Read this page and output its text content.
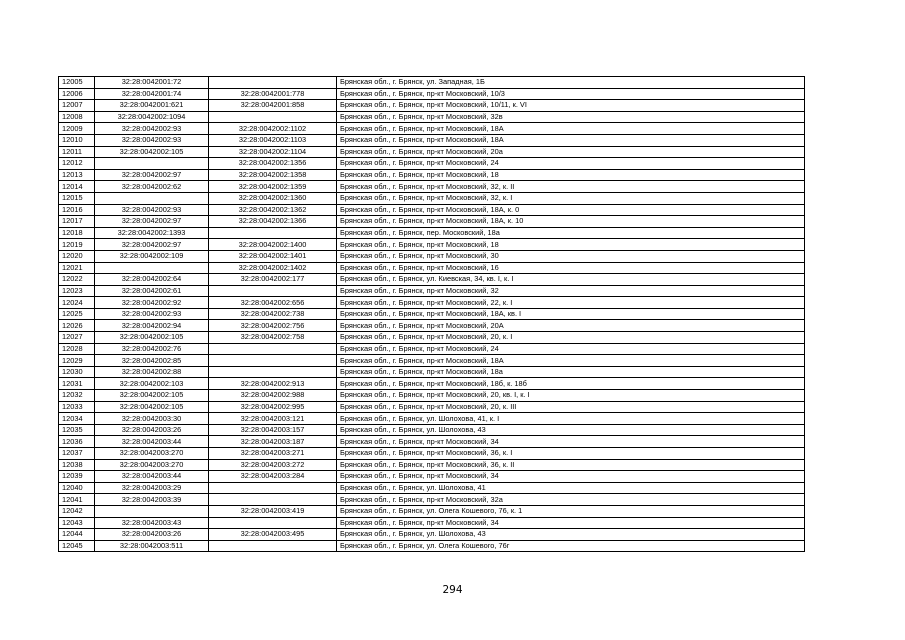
12005	32:28:0042001:72		Брянская обл., г. Брянск, ул. Западная, 1Б
12006	32:28:0042001:74	32:28:0042001:778	Брянская обл., г. Брянск, пр-кт Московский, 10/3
12007	32:28:0042001:621	32:28:0042001:858	Брянская обл., г. Брянск, пр-кт Московский, 10/11, к. VI
12008	32:28:0042002:1094		Брянская обл., г. Брянск, пр-кт Московский, 32в
12009	32:28:0042002:93	32:28:0042002:1102	Брянская обл., г. Брянск, пр-кт Московский, 18А
12010	32:28:0042002:93	32:28:0042002:1103	Брянская обл., г. Брянск, пр-кт Московский, 18А
12011	32:28:0042002:105	32:28:0042002:1104	Брянская обл., г. Брянск, пр-кт Московский, 20а
12012		32:28:0042002:1356	Брянская обл., г. Брянск, пр-кт Московский, 24
12013	32:28:0042002:97	32:28:0042002:1358	Брянская обл., г. Брянск, пр-кт Московский, 18
12014	32:28:0042002:62	32:28:0042002:1359	Брянская обл., г. Брянск, пр-кт Московский, 32, к. II
12015		32:28:0042002:1360	Брянская обл., г. Брянск, пр-кт Московский, 32, к. I
12016	32:28:0042002:93	32:28:0042002:1362	Брянская обл., г. Брянск, пр-кт Московский, 18А, к. 0
12017	32:28:0042002:97	32:28:0042002:1366	Брянская обл., г. Брянск, пр-кт Московский, 18А, к. 10
12018	32:28:0042002:1393		Брянская обл., г. Брянск, пер. Московский, 18а
12019	32:28:0042002:97	32:28:0042002:1400	Брянская обл., г. Брянск, пр-кт Московский, 18
12020	32:28:0042002:109	32:28:0042002:1401	Брянская обл., г. Брянск, пр-кт Московский, 30
12021		32:28:0042002:1402	Брянская обл., г. Брянск, пр-кт Московский, 16
12022	32:28:0042002:64	32:28:0042002:177	Брянская обл., г. Брянск, ул. Киевская, 34, кв. I, к. I
12023	32:28:0042002:61		Брянская обл., г. Брянск, пр-кт Московский, 32
12024	32:28:0042002:92	32:28:0042002:656	Брянская обл., г. Брянск, пр-кт Московский, 22, к. I
12025	32:28:0042002:93	32:28:0042002:738	Брянская обл., г. Брянск, пр-кт Московский, 18А, кв. I
12026	32:28:0042002:94	32:28:0042002:756	Брянская обл., г. Брянск, пр-кт Московский, 20А
12027	32:28:0042002:105	32:28:0042002:758	Брянская обл., г. Брянск, пр-кт Московский, 20, к. I
12028	32:28:0042002:76		Брянская обл., г. Брянск, пр-кт Московский, 24
12029	32:28:0042002:85		Брянская обл., г. Брянск, пр-кт Московский, 18А
12030	32:28:0042002:88		Брянская обл., г. Брянск, пр-кт Московский, 18а
12031	32:28:0042002:103	32:28:0042002:913	Брянская обл., г. Брянск, пр-кт Московский, 18б, к. 18б
12032	32:28:0042002:105	32:28:0042002:988	Брянская обл., г. Брянск, пр-кт Московский, 20, кв. I, к. I
12033	32:28:0042002:105	32:28:0042002:995	Брянская обл., г. Брянск, пр-кт Московский, 20, к. III
12034	32:28:0042003:30	32:28:0042003:121	Брянская обл., г. Брянск, ул. Шолохова, 41, к. I
12035	32:28:0042003:26	32:28:0042003:157	Брянская обл., г. Брянск, ул. Шолохова, 43
12036	32:28:0042003:44	32:28:0042003:187	Брянская обл., г. Брянск, пр-кт Московский, 34
12037	32:28:0042003:270	32:28:0042003:271	Брянская обл., г. Брянск, пр-кт Московский, 36, к. I
12038	32:28:0042003:270	32:28:0042003:272	Брянская обл., г. Брянск, пр-кт Московский, 36, к. II
12039	32:28:0042003:44	32:28:0042003:284	Брянская обл., г. Брянск, пр-кт Московский, 34
12040	32:28:0042003:29		Брянская обл., г. Брянск, ул. Шолохова, 41
12041	32:28:0042003:39		Брянская обл., г. Брянск, пр-кт Московский, 32а
12042		32:28:0042003:419	Брянская обл., г. Брянск, ул. Олега Кошевого, 76, к. 1
12043	32:28:0042003:43		Брянская обл., г. Брянск, пр-кт Московский, 34
12044	32:28:0042003:26	32:28:0042003:495	Брянская обл., г. Брянск, ул. Шолохова, 43
12045	32:28:0042003:511		Брянская обл., г. Брянск, ул. Олега Кошевого, 76г
294
